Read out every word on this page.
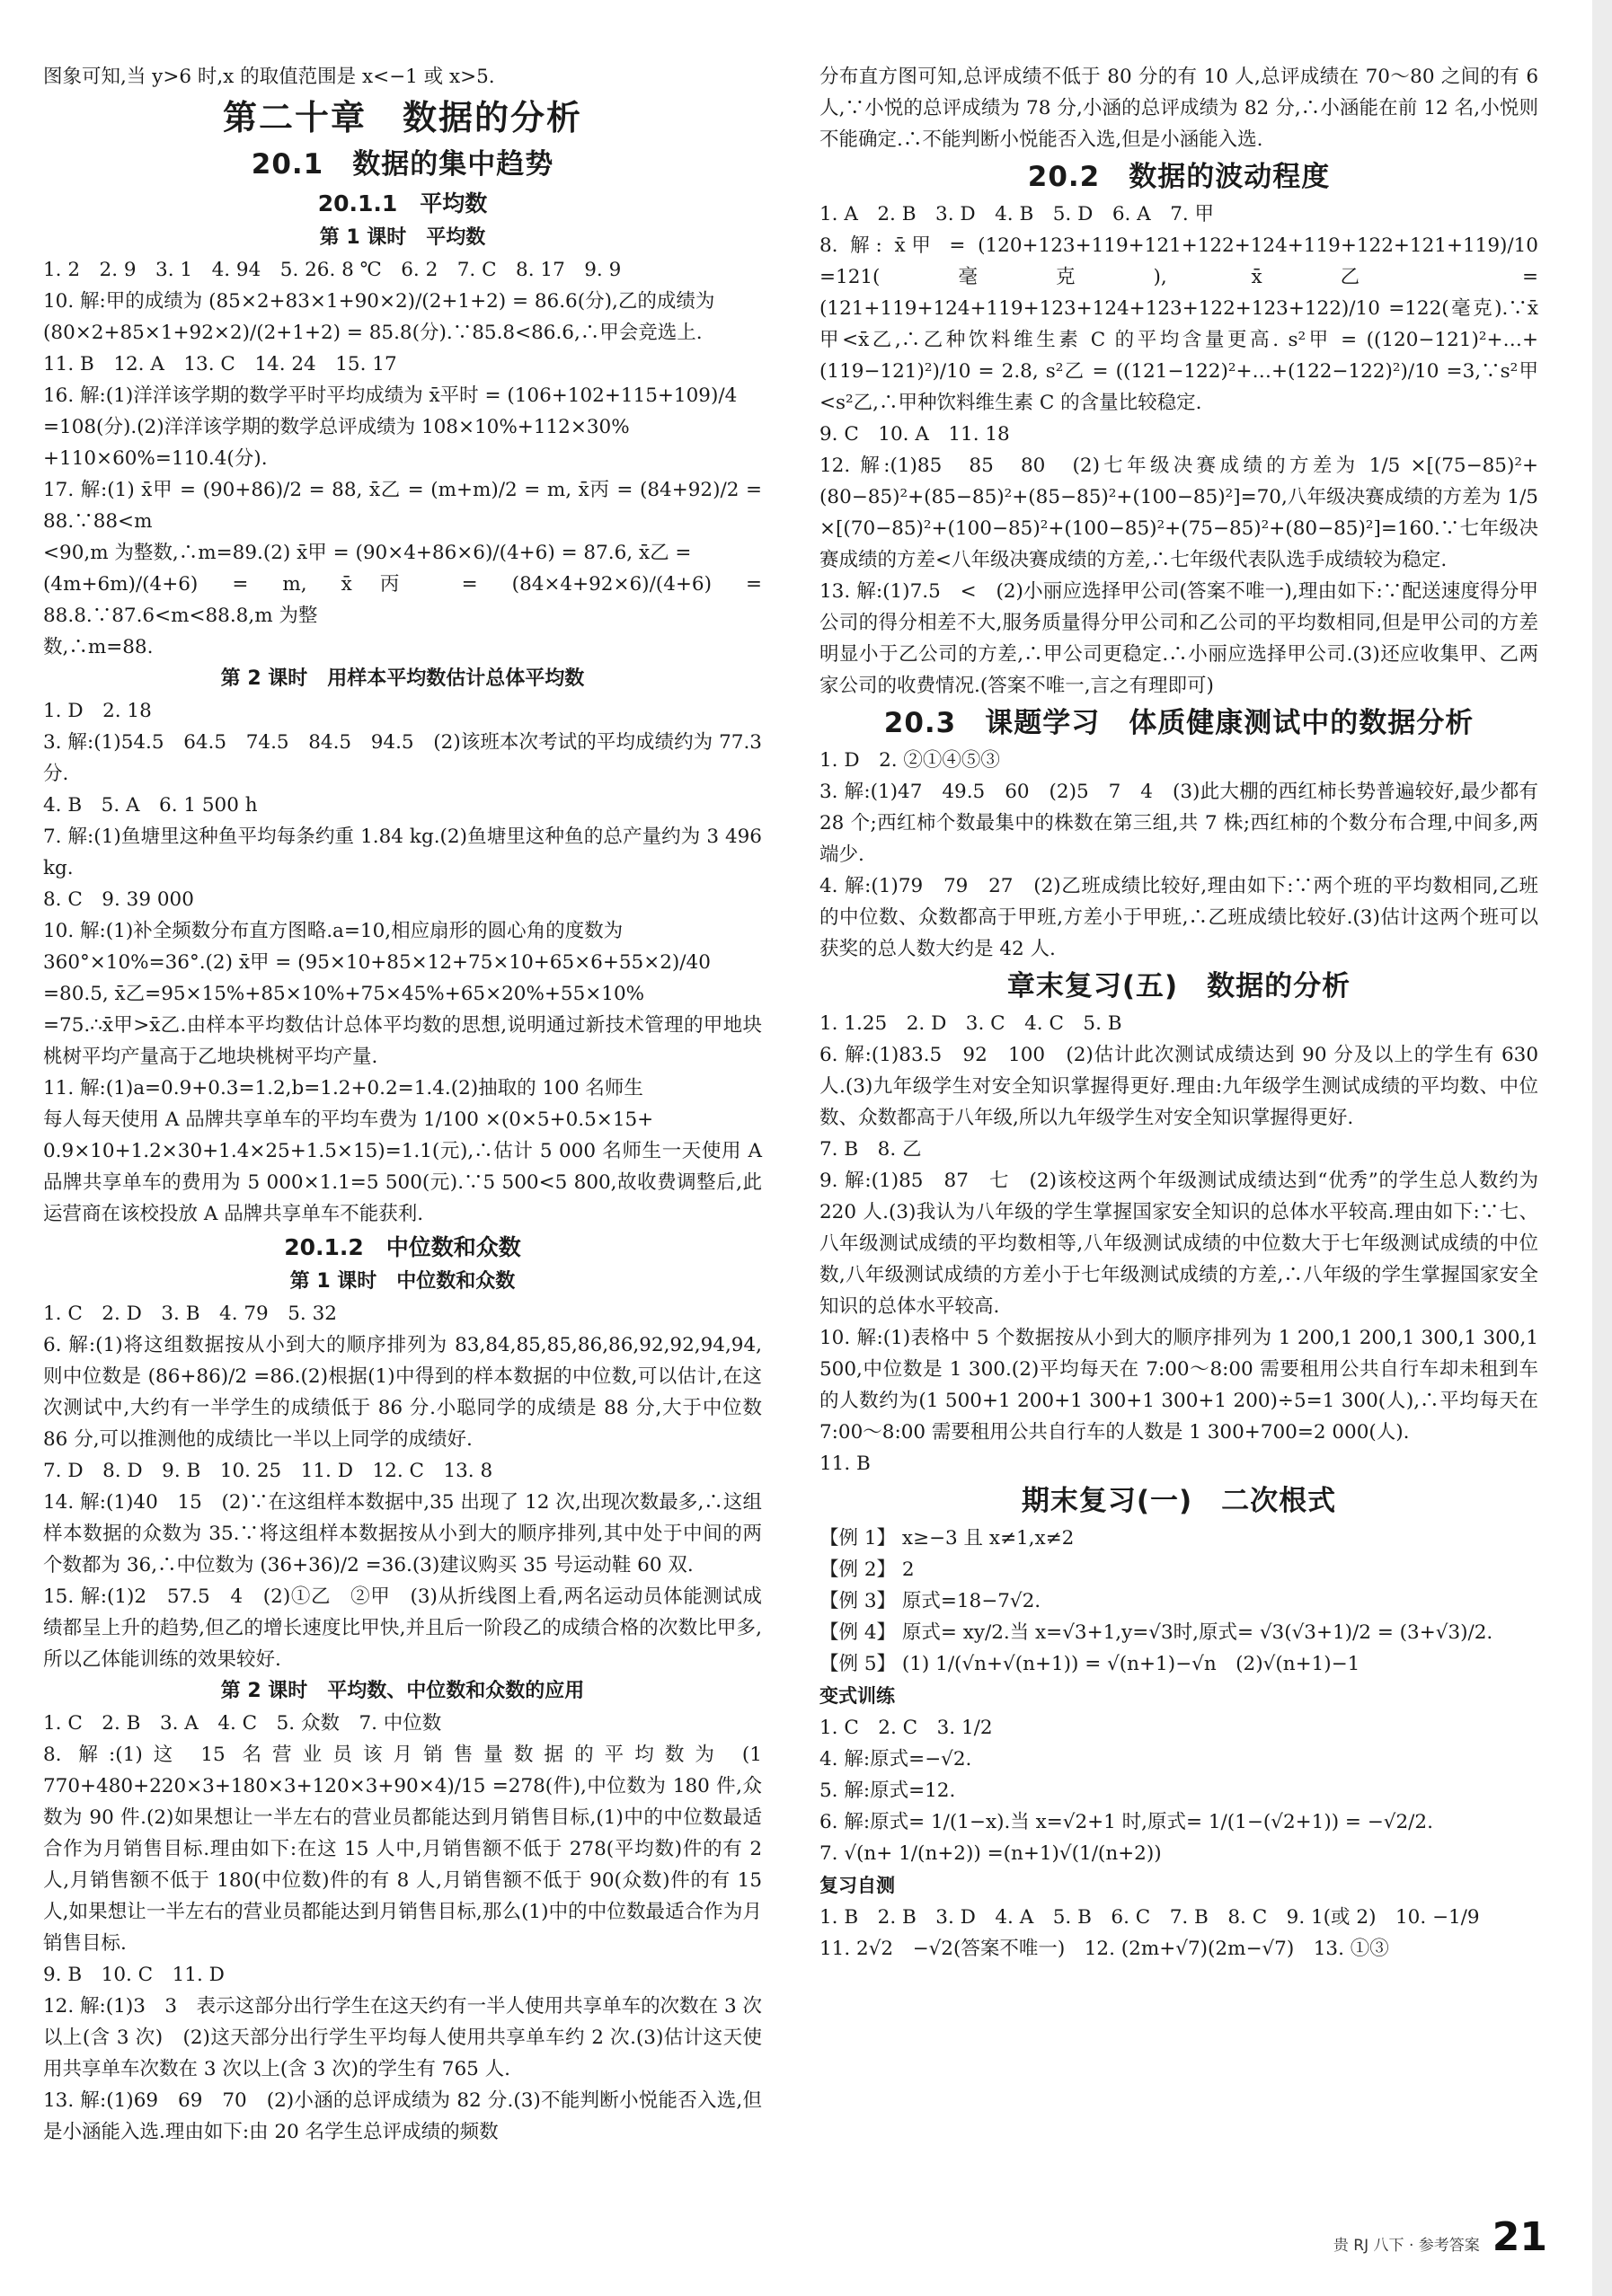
图象可知,当 y>6 时,x 的取值范围是 x<−1 或 x>5.
第二十章　数据的分析
20.1　数据的集中趋势
20.1.1　平均数
第 1 课时　平均数
1. 2　2. 9　3. 1　4. 94　5. 26. 8 ℃　6. 2　7. C　8. 17　9. 9
10. 解:甲的成绩为 (85×2+83×1+90×2)/(2+1+2) = 86.6(分),乙的成绩为
(80×2+85×1+92×2)/(2+1+2) = 85.8(分).∵85.8<86.6,∴甲会竞选上.
11. B　12. A　13. C　14. 24　15. 17
16. 解:(1)洋洋该学期的数学平时平均成绩为 x̄平时 = (106+102+115+109)/4
=108(分).(2)洋洋该学期的数学总评成绩为 108×10%+112×30%
+110×60%=110.4(分).
17. 解:(1) x̄甲 = (90+86)/2 = 88, x̄乙 = (m+m)/2 = m, x̄丙 = (84+92)/2 = 88.∵88<m
<90,m 为整数,∴m=89.(2) x̄甲 = (90×4+86×6)/(4+6) = 87.6, x̄乙 =
(4m+6m)/(4+6) = m, x̄丙 = (84×4+92×6)/(4+6) = 88.8.∵87.6<m<88.8,m 为整
数,∴m=88.
第 2 课时　用样本平均数估计总体平均数
1. D　2. 18
3. 解:(1)54.5　64.5　74.5　84.5　94.5　(2)该班本次考试的平均成绩约为 77.3 分.
4. B　5. A　6. 1 500 h
7. 解:(1)鱼塘里这种鱼平均每条约重 1.84 kg.(2)鱼塘里这种鱼的总产量约为 3 496 kg.
8. C　9. 39 000
10. 解:(1)补全频数分布直方图略.a=10,相应扇形的圆心角的度数为
360°×10%=36°.(2) x̄甲 = (95×10+85×12+75×10+65×6+55×2)/40
=80.5, x̄乙=95×15%+85×10%+75×45%+65×20%+55×10%
=75.∴x̄甲>x̄乙.由样本平均数估计总体平均数的思想,说明通过新技术管理的甲地块桃树平均产量高于乙地块桃树平均产量.
11. 解:(1)a=0.9+0.3=1.2,b=1.2+0.2=1.4.(2)抽取的 100 名师生
每人每天使用 A 品牌共享单车的平均车费为 1/100 ×(0×5+0.5×15+
0.9×10+1.2×30+1.4×25+1.5×15)=1.1(元),∴估计 5 000 名师生一天使用 A 品牌共享单车的费用为 5 000×1.1=5 500(元).∵5 500<5 800,故收费调整后,此运营商在该校投放 A 品牌共享单车不能获利.
20.1.2　中位数和众数
第 1 课时　中位数和众数
1. C　2. D　3. B　4. 79　5. 32
6. 解:(1)将这组数据按从小到大的顺序排列为 83,84,85,85,86,86,92,92,94,94,则中位数是 (86+86)/2 =86.(2)根据(1)中得到的样本数据的中位数,可以估计,在这次测试中,大约有一半学生的成绩低于 86 分.小聪同学的成绩是 88 分,大于中位数 86 分,可以推测他的成绩比一半以上同学的成绩好.
7. D　8. D　9. B　10. 25　11. D　12. C　13. 8
14. 解:(1)40　15　(2)∵在这组样本数据中,35 出现了 12 次,出现次数最多,∴这组样本数据的众数为 35.∵将这组样本数据按从小到大的顺序排列,其中处于中间的两个数都为 36,∴中位数为 (36+36)/2 =36.(3)建议购买 35 号运动鞋 60 双.
15. 解:(1)2　57.5　4　(2)①乙　②甲　(3)从折线图上看,两名运动员体能测试成绩都呈上升的趋势,但乙的增长速度比甲快,并且后一阶段乙的成绩合格的次数比甲多,所以乙体能训练的效果较好.
第 2 课时　平均数、中位数和众数的应用
1. C　2. B　3. A　4. C　5. 众数　7. 中位数
8. 解:(1)这 15 名营业员该月销售量数据的平均数为 (1 770+480+220×3+180×3+120×3+90×4)/15 =278(件),中位数为 180 件,众数为 90 件.(2)如果想让一半左右的营业员都能达到月销售目标,(1)中的中位数最适合作为月销售目标.理由如下:在这 15 人中,月销售额不低于 278(平均数)件的有 2 人,月销售额不低于 180(中位数)件的有 8 人,月销售额不低于 90(众数)件的有 15 人,如果想让一半左右的营业员都能达到月销售目标,那么(1)中的中位数最适合作为月销售目标.
9. B　10. C　11. D
12. 解:(1)3　3　表示这部分出行学生在这天约有一半人使用共享单车的次数在 3 次以上(含 3 次)　(2)这天部分出行学生平均每人使用共享单车约 2 次.(3)估计这天使用共享单车次数在 3 次以上(含 3 次)的学生有 765 人.
13. 解:(1)69　69　70　(2)小涵的总评成绩为 82 分.(3)不能判断小悦能否入选,但是小涵能入选.理由如下:由 20 名学生总评成绩的频数
分布直方图可知,总评成绩不低于 80 分的有 10 人,总评成绩在 70～80 之间的有 6 人,∵小悦的总评成绩为 78 分,小涵的总评成绩为 82 分,∴小涵能在前 12 名,小悦则不能确定.∴不能判断小悦能否入选,但是小涵能入选.
20.2　数据的波动程度
1. A　2. B　3. D　4. B　5. D　6. A　7. 甲
8. 解: x̄甲 = (120+123+119+121+122+124+119+122+121+119)/10 =121(毫克), x̄乙 = (121+119+124+119+123+124+123+122+123+122)/10 =122(毫克).∵x̄甲<x̄乙,∴乙种饮料维生素 C 的平均含量更高. s²甲 = ((120−121)²+…+(119−121)²)/10 = 2.8, s²乙 = ((121−122)²+…+(122−122)²)/10 =3,∵s²甲<s²乙,∴甲种饮料维生素 C 的含量比较稳定.
9. C　10. A　11. 18
12. 解:(1)85　85　80　(2)七年级决赛成绩的方差为 1/5 ×[(75−85)²+(80−85)²+(85−85)²+(85−85)²+(100−85)²]=70,八年级决赛成绩的方差为 1/5 ×[(70−85)²+(100−85)²+(100−85)²+(75−85)²+(80−85)²]=160.∵七年级决赛成绩的方差<八年级决赛成绩的方差,∴七年级代表队选手成绩较为稳定.
13. 解:(1)7.5　<　(2)小丽应选择甲公司(答案不唯一),理由如下:∵配送速度得分甲公司的得分相差不大,服务质量得分甲公司和乙公司的平均数相同,但是甲公司的方差明显小于乙公司的方差,∴甲公司更稳定.∴小丽应选择甲公司.(3)还应收集甲、乙两家公司的收费情况.(答案不唯一,言之有理即可)
20.3　课题学习　体质健康测试中的数据分析
1. D　2. ②①④⑤③
3. 解:(1)47　49.5　60　(2)5　7　4　(3)此大棚的西红柿长势普遍较好,最少都有 28 个;西红柿个数最集中的株数在第三组,共 7 株;西红柿的个数分布合理,中间多,两端少.
4. 解:(1)79　79　27　(2)乙班成绩比较好,理由如下:∵两个班的平均数相同,乙班的中位数、众数都高于甲班,方差小于甲班,∴乙班成绩比较好.(3)估计这两个班可以获奖的总人数大约是 42 人.
章末复习(五)　数据的分析
1. 1.25　2. D　3. C　4. C　5. B
6. 解:(1)83.5　92　100　(2)估计此次测试成绩达到 90 分及以上的学生有 630 人.(3)九年级学生对安全知识掌握得更好.理由:九年级学生测试成绩的平均数、中位数、众数都高于八年级,所以九年级学生对安全知识掌握得更好.
7. B　8. 乙
9. 解:(1)85　87　七　(2)该校这两个年级测试成绩达到“优秀”的学生总人数约为 220 人.(3)我认为八年级的学生掌握国家安全知识的总体水平较高.理由如下:∵七、八年级测试成绩的平均数相等,八年级测试成绩的中位数大于七年级测试成绩的中位数,八年级测试成绩的方差小于七年级测试成绩的方差,∴八年级的学生掌握国家安全知识的总体水平较高.
10. 解:(1)表格中 5 个数据按从小到大的顺序排列为 1 200,1 200,1 300,1 300,1 500,中位数是 1 300.(2)平均每天在 7:00～8:00 需要租用公共自行车却未租到车的人数约为(1 500+1 200+1 300+1 300+1 200)÷5=1 300(人),∴平均每天在 7:00～8:00 需要租用公共自行车的人数是 1 300+700=2 000(人).
11. B
期末复习(一)　二次根式
【例 1】 x≥−3 且 x≠1,x≠2
【例 2】 2
【例 3】 原式=18−7√2.
【例 4】 原式= xy/2.当 x=√3+1,y=√3时,原式= √3(√3+1)/2 = (3+√3)/2.
【例 5】 (1) 1/(√n+√(n+1)) = √(n+1)−√n　(2)√(n+1)−1
变式训练
1. C　2. C　3. 1/2
4. 解:原式=−√2.
5. 解:原式=12.
6. 解:原式= 1/(1−x).当 x=√2+1 时,原式= 1/(1−(√2+1)) = −√2/2.
7. √(n+ 1/(n+2)) =(n+1)√(1/(n+2))
复习自测
1. B　2. B　3. D　4. A　5. B　6. C　7. B　8. C　9. 1(或 2)　10. −1/9
11. 2√2　−√2(答案不唯一)　12. (2m+√7)(2m−√7)　13. ①③
贵 RJ 八下 · 参考答案 21
